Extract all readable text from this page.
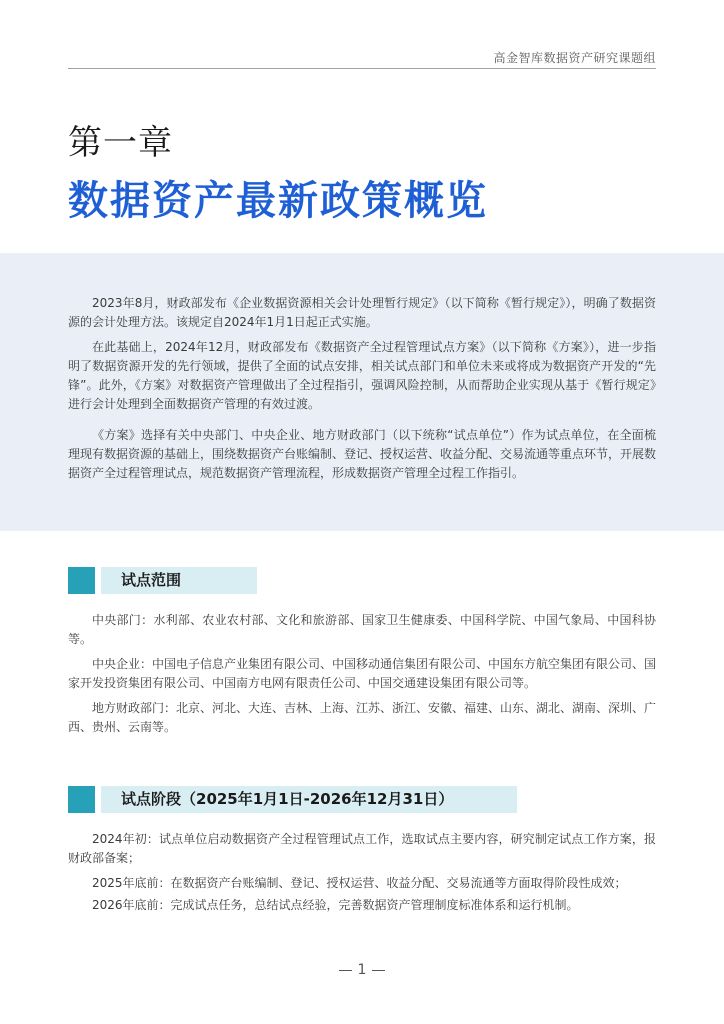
高金智库数据资产研究课题组
第一章
数据资产最新政策概览

2023年8月，财政部发布《企业数据资源相关会计处理暂行规定》（以下简称《暂行规定》），明确了数据资源的会计处理方法。该规定自2024年1月1日起正式实施。

在此基础上，2024年12月，财政部发布《数据资产全过程管理试点方案》（以下简称《方案》），进一步指明了数据资源开发的先行领域，提供了全面的试点安排，相关试点部门和单位未来或将成为数据资产开发的“先锋”。此外，《方案》对数据资产管理做出了全过程指引，强调风险控制，从而帮助企业实现从基于《暂行规定》进行会计处理到全面数据资产管理的有效过渡。

《方案》选择有关中央部门、中央企业、地方财政部门（以下统称“试点单位”）作为试点单位，在全面梳理现有数据资源的基础上，围绕数据资产台账编制、登记、授权运营、收益分配、交易流通等重点环节，开展数据资产全过程管理试点，规范数据资产管理流程，形成数据资产管理全过程工作指引。

试点范围

中央部门：水利部、农业农村部、文化和旅游部、国家卫生健康委、中国科学院、中国气象局、中国科协等。

中央企业：中国电子信息产业集团有限公司、中国移动通信集团有限公司、中国东方航空集团有限公司、国家开发投资集团有限公司、中国南方电网有限责任公司、中国交通建设集团有限公司等。

地方财政部门：北京、河北、大连、吉林、上海、江苏、浙江、安徽、福建、山东、湖北、湖南、深圳、广西、贵州、云南等。

试点阶段（2025年1月1日-2026年12月31日）

2024年初：试点单位启动数据资产全过程管理试点工作，选取试点主要内容，研究制定试点工作方案，报财政部备案；

2025年底前：在数据资产台账编制、登记、授权运营、收益分配、交易流通等方面取得阶段性成效；

2026年底前：完成试点任务，总结试点经验，完善数据资产管理制度标准体系和运行机制。

1
